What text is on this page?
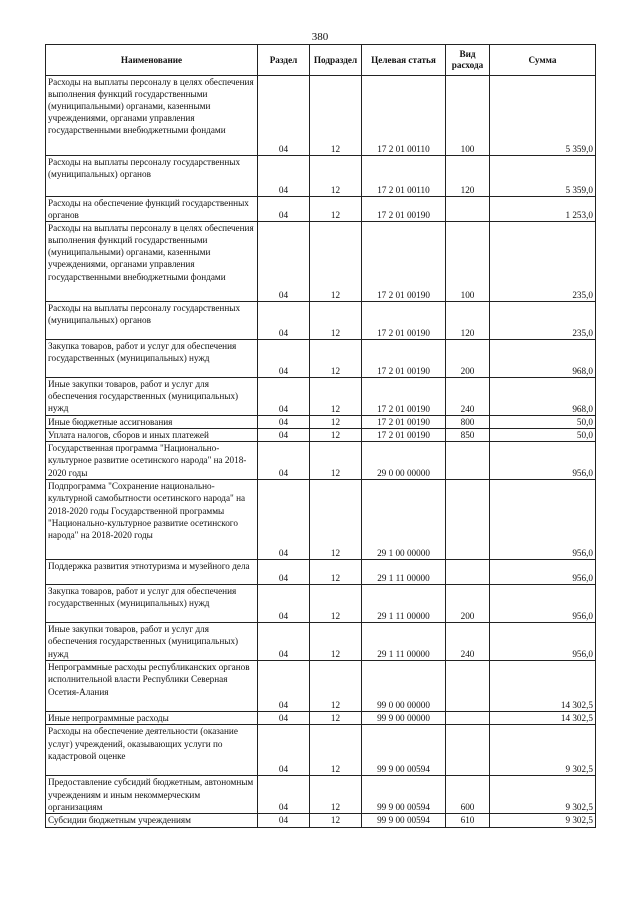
380
Наименование	Раздел	Подраздел	Целевая статья	Вид расхода	Сумма
Расходы на выплаты персоналу в целях обеспечения выполнения функций государственными (муниципальными) органами, казенными учреждениями, органами управления государственными внебюджетными фондами	04	12	17 2 01 00110	100	5 359,0
Расходы на выплаты персоналу государственных (муниципальных) органов	04	12	17 2 01 00110	120	5 359,0
Расходы на обеспечение функций государственных органов	04	12	17 2 01 00190		1 253,0
Расходы на выплаты персоналу в целях обеспечения выполнения функций государственными (муниципальными) органами, казенными учреждениями, органами управления государственными внебюджетными фондами	04	12	17 2 01 00190	100	235,0
Расходы на выплаты персоналу государственных (муниципальных) органов	04	12	17 2 01 00190	120	235,0
Закупка товаров, работ и услуг для обеспечения государственных (муниципальных) нужд	04	12	17 2 01 00190	200	968,0
Иные закупки товаров, работ и услуг для обеспечения государственных (муниципальных) нужд	04	12	17 2 01 00190	240	968,0
Иные бюджетные ассигнования	04	12	17 2 01 00190	800	50,0
Уплата налогов, сборов и иных платежей	04	12	17 2 01 00190	850	50,0
Государственная программа "Национально-культурное развитие осетинского народа" на 2018-2020 годы	04	12	29 0 00 00000		956,0
Подпрограмма "Сохранение национально-культурной самобытности осетинского народа" на 2018-2020 годы Государственной программы "Национально-культурное развитие осетинского народа" на 2018-2020 годы	04	12	29 1 00 00000		956,0
Поддержка развития этнотуризма и музейного дела	04	12	29 1 11 00000		956,0
Закупка товаров, работ и услуг для обеспечения государственных (муниципальных) нужд	04	12	29 1 11 00000	200	956,0
Иные закупки товаров, работ и услуг для обеспечения государственных (муниципальных) нужд	04	12	29 1 11 00000	240	956,0
Непрограммные расходы республиканских органов исполнительной власти Республики Северная Осетия-Алания	04	12	99 0 00 00000		14 302,5
Иные непрограммные расходы	04	12	99 9 00 00000		14 302,5
Расходы на обеспечение деятельности (оказание услуг) учреждений, оказывающих услуги по кадастровой оценке	04	12	99 9 00 00594		9 302,5
Предоставление субсидий бюджетным, автономным учреждениям и иным некоммерческим организациям	04	12	99 9 00 00594	600	9 302,5
Субсидии бюджетным учреждениям	04	12	99 9 00 00594	610	9 302,5
